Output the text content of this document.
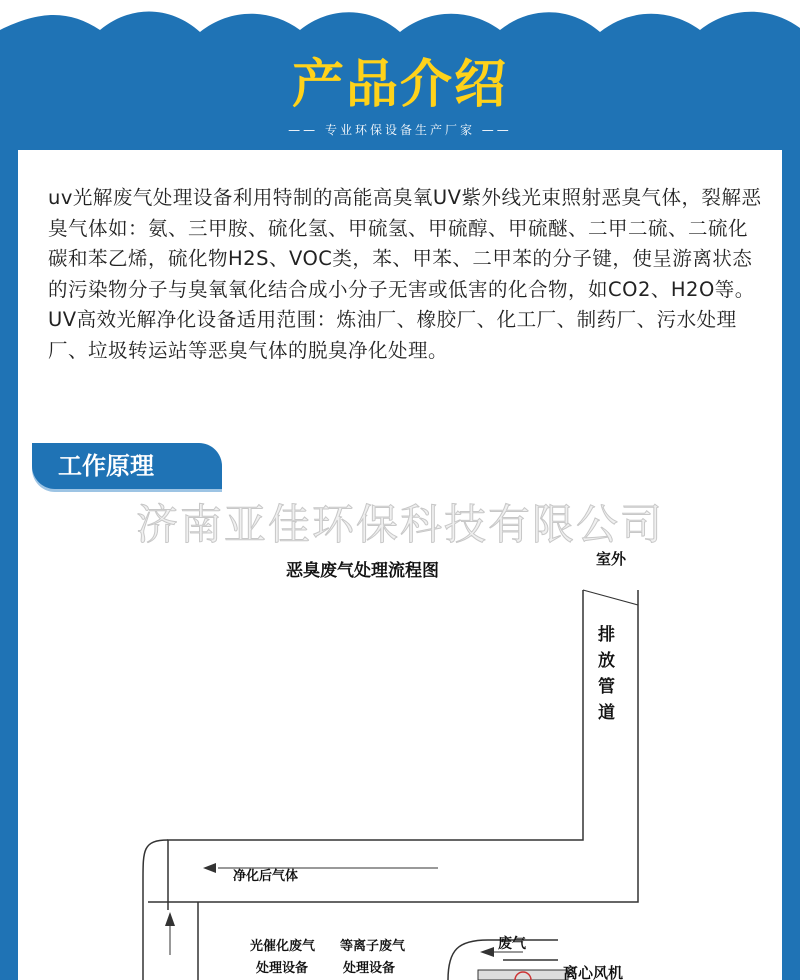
产品介绍
—— 专业环保设备生产厂家 ——

uv光解废气处理设备利用特制的高能高臭氧UV紫外线光束照射恶臭气体，裂解恶臭气体如：氨、三甲胺、硫化氢、甲硫氢、甲硫醇、甲硫醚、二甲二硫、二硫化碳和苯乙烯，硫化物H2S、VOC类，苯、甲苯、二甲苯的分子键，使呈游离状态的污染物分子与臭氧氧化结合成小分子无害或低害的化合物，如CO2、H2O等。UV高效光解净化设备适用范围：炼油厂、橡胶厂、化工厂、制药厂、污水处理厂、垃圾转运站等恶臭气体的脱臭净化处理。

工作原理
济南亚佳环保科技有限公司
恶臭废气处理流程图
室外
排
放
管
道
净化后气体
废气
光催化废气
处理设备
等离子废气
处理设备	离心风机
